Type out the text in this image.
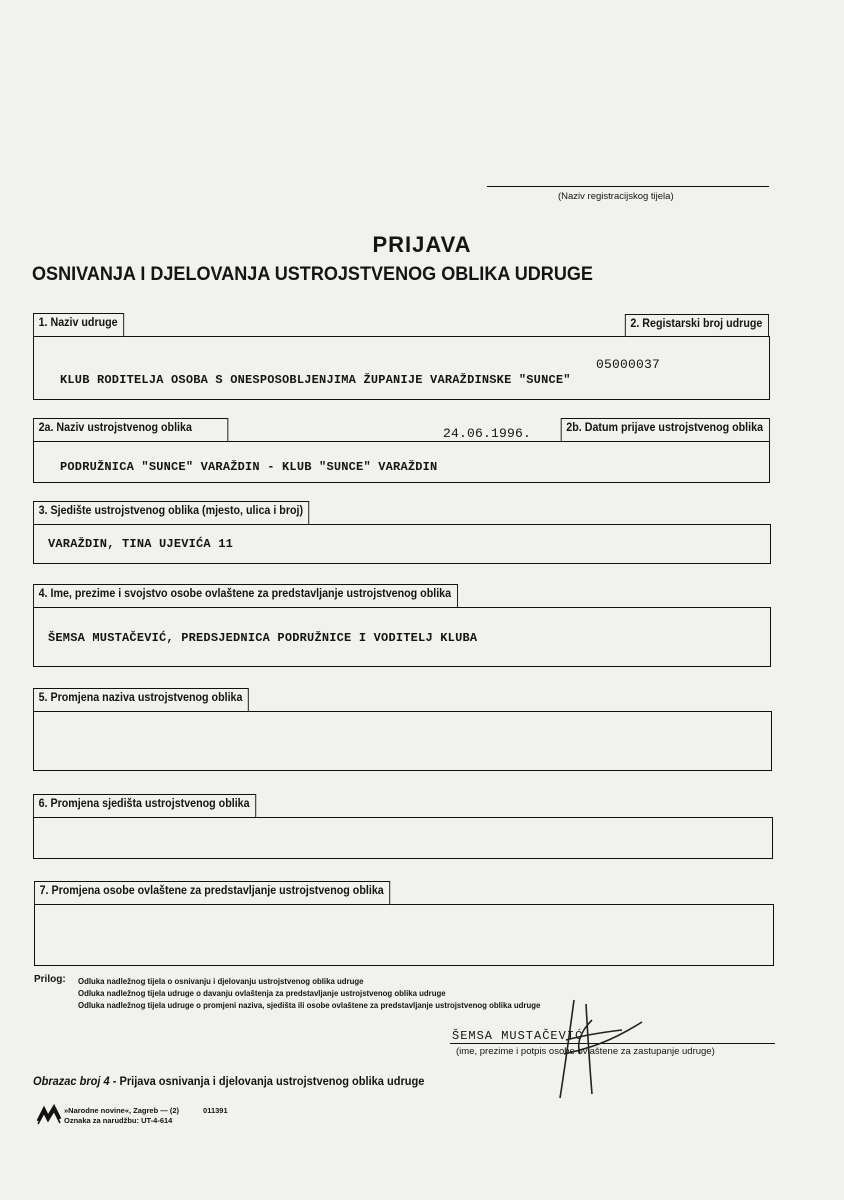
(Naziv registracijskog tijela)
PRIJAVA
OSNIVANJA I DJELOVANJA USTROJSTVENOG OBLIKA UDRUGE
1. Naziv udruge	2. Registarski broj udruge
05000037
KLUB RODITELJA OSOBA S ONESPOSOBLJENJIMA ŽUPANIJE VARAŽDINSKE "SUNCE"
2a. Naziv ustrojstvenog oblika	2b. Datum prijave ustrojstvenog oblika
24.06.1996.
PODRUŽNICA "SUNCE" VARAŽDIN - KLUB "SUNCE" VARAŽDIN
3. Sjedište ustrojstvenog oblika (mjesto, ulica i broj)
VARAŽDIN, TINA UJEVIĆA 11
4. Ime, prezime i svojstvo osobe ovlaštene za predstavljanje ustrojstvenog oblika
ŠEMSA MUSTAČEVIĆ, PREDSJEDNICA PODRUŽNICE I VODITELJ KLUBA
5. Promjena naziva ustrojstvenog oblika
6. Promjena sjedišta ustrojstvenog oblika
7. Promjena osobe ovlaštene za predstavljanje ustrojstvenog oblika
Prilog: Odluka nadležnog tijela o osnivanju i djelovanju ustrojstvenog oblika udruge
Odluka nadležnog tijela udruge o davanju ovlaštenja za predstavljanje ustrojstvenog oblika udruge
Odluka nadležnog tijela udruge o promjeni naziva, sjedišta ili osobe ovlaštene za predstavljanje ustrojstvenog oblika udruge
ŠEMSA MUSTAČEVIĆ
(ime, prezime i potpis osobe ovlaštene za zastupanje udruge)
Obrazac broj 4 - Prijava osnivanja i djelovanja ustrojstvenog oblika udruge
»Narodne novine«, Zagreb — (2)	011391
Oznaka za narudžbu: UT-4-614
